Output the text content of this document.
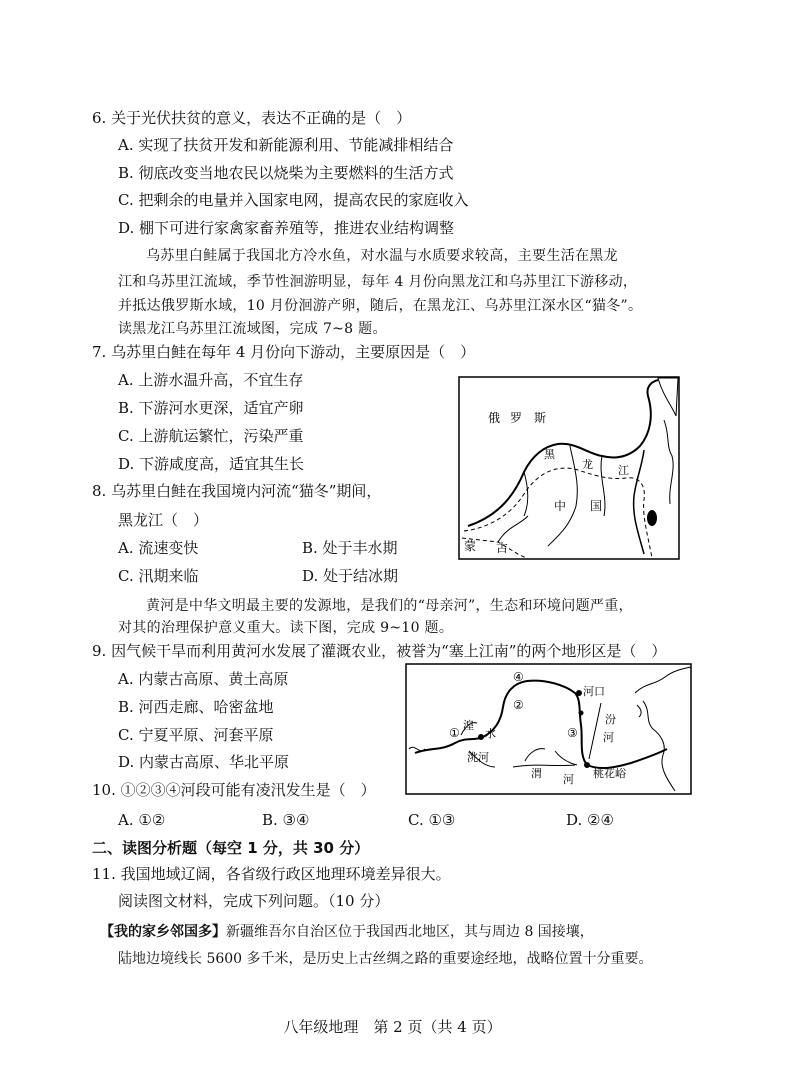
6. 关于光伏扶贫的意义，表达不正确的是（　）
A. 实现了扶贫开发和新能源利用、节能减排相结合
B. 彻底改变当地农民以烧柴为主要燃料的生活方式
C. 把剩余的电量并入国家电网，提高农民的家庭收入
D. 棚下可进行家禽家畜养殖等，推进农业结构调整
乌苏里白鲑属于我国北方冷水鱼，对水温与水质要求较高，主要生活在黑龙
江和乌苏里江流域，季节性洄游明显，每年 4 月份向黑龙江和乌苏里江下游移动，
并抵达俄罗斯水域，10 月份洄游产卵，随后，在黑龙江、乌苏里江深水区“猫冬”。
读黑龙江乌苏里江流域图，完成 7~8 题。
7. 乌苏里白鲑在每年 4 月份向下游动，主要原因是（　）
A. 上游水温升高，不宜生存
B. 下游河水更深，适宜产卵
C. 上游航运繁忙，污染严重
D. 下游咸度高，适宜其生长
8. 乌苏里白鲑在我国境内河流“猫冬”期间，
黑龙江（　）
A. 流速变快	B. 处于丰水期
C. 汛期来临	D. 处于结冰期
俄 罗 斯
黑
龙 江
中 国
蒙 古
黄河是中华文明最主要的发源地，是我们的“母亲河”，生态和环境问题严重，
对其的治理保护意义重大。读下图，完成 9~10 题。
9. 因气候干旱而利用黄河水发展了灌溉农业，被誉为“塞上江南”的两个地形区是（　）
A. 内蒙古高原、黄土高原
B. 河西走廊、哈密盆地
C. 宁夏平原、河套平原
D. 内蒙古高原、华北平原
①
②
③
④
河口
湟
水
洮河
汾
河
渭 河 桃花峪
10. ①②③④河段可能有凌汛发生是（　）
A. ①②	B. ③④	C. ①③	D. ②④
二、读图分析题（每空 1 分，共 30 分）
11. 我国地域辽阔，各省级行政区地理环境差异很大。
阅读图文材料，完成下列问题。（10 分）
【我的家乡邻国多】新疆维吾尔自治区位于我国西北地区，其与周边 8 国接壤，
陆地边境线长 5600 多千米，是历史上古丝绸之路的重要途经地，战略位置十分重要。
八年级地理　第 2 页（共 4 页）
